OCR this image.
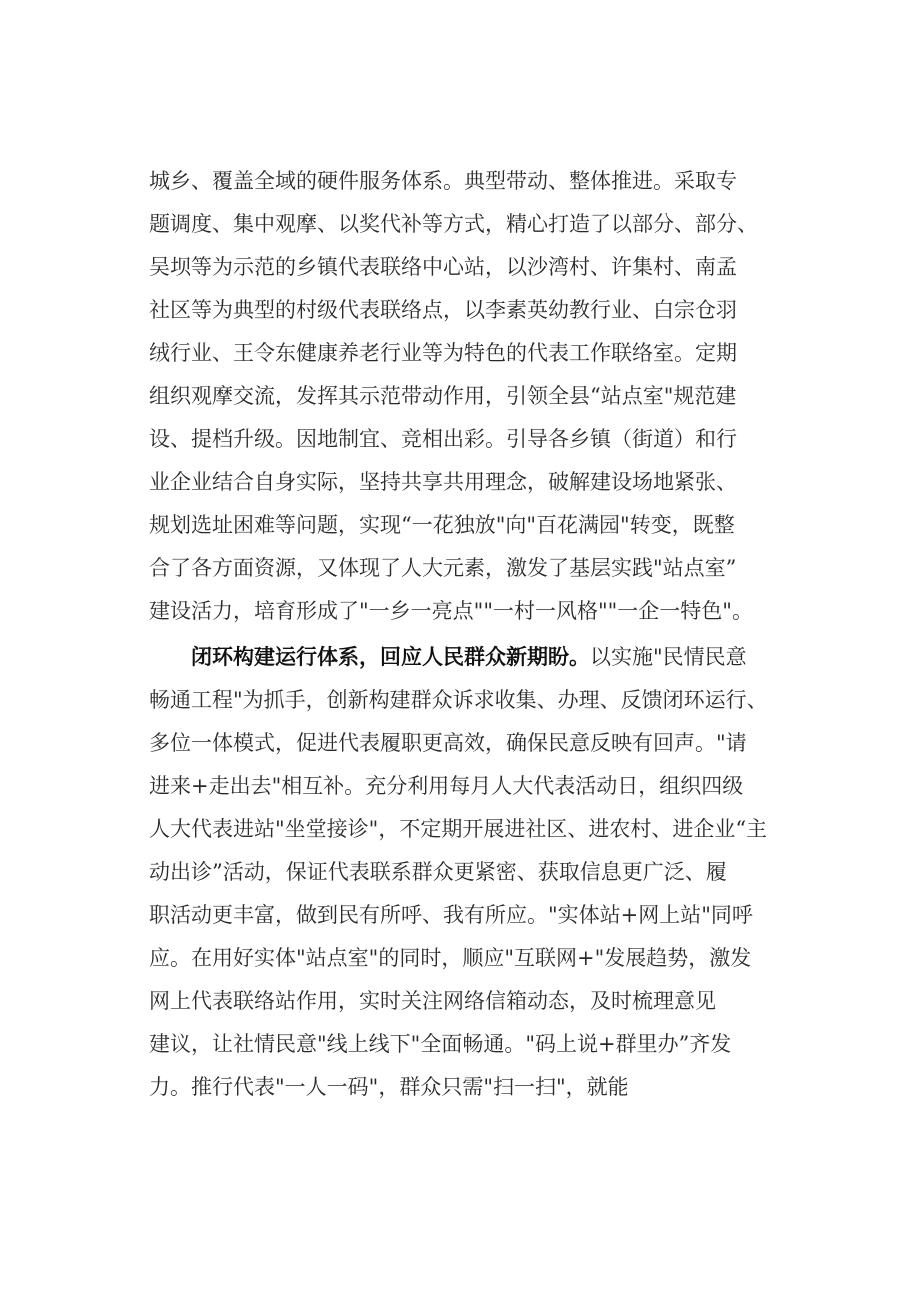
城乡、覆盖全域的硬件服务体系。典型带动、整体推进。采取专
题调度、集中观摩、以奖代补等方式，精心打造了以部分、部分、
吴坝等为示范的乡镇代表联络中心站，以沙湾村、许集村、南孟
社区等为典型的村级代表联络点，以李素英幼教行业、白宗仓羽
绒行业、王令东健康养老行业等为特色的代表工作联络室。定期
组织观摩交流，发挥其示范带动作用，引领全县“站点室"规范建
设、提档升级。因地制宜、竞相出彩。引导各乡镇（街道）和行
业企业结合自身实际，坚持共享共用理念，破解建设场地紧张、
规划选址困难等问题，实现“一花独放"向"百花满园"转变，既整
合了各方面资源，又体现了人大元素，激发了基层实践"站点室”
建设活力，培育形成了"一乡一亮点""一村一风格""一企一特色"。
闭环构建运行体系，回应人民群众新期盼。以实施"民情民意
畅通工程"为抓手，创新构建群众诉求收集、办理、反馈闭环运行、
多位一体模式，促进代表履职更高效，确保民意反映有回声。"请
进来+走出去"相互补。充分利用每月人大代表活动日，组织四级
人大代表进站"坐堂接诊"，不定期开展进社区、进农村、进企业“主
动出诊”活动，保证代表联系群众更紧密、获取信息更广泛、履
职活动更丰富，做到民有所呼、我有所应。"实体站+网上站"同呼
应。在用好实体"站点室"的同时，顺应"互联网+"发展趋势，激发
网上代表联络站作用，实时关注网络信箱动态，及时梳理意见
建议，让社情民意"线上线下"全面畅通。"码上说+群里办”齐发
力。推行代表"一人一码"，群众只需"扫一扫"，就能
